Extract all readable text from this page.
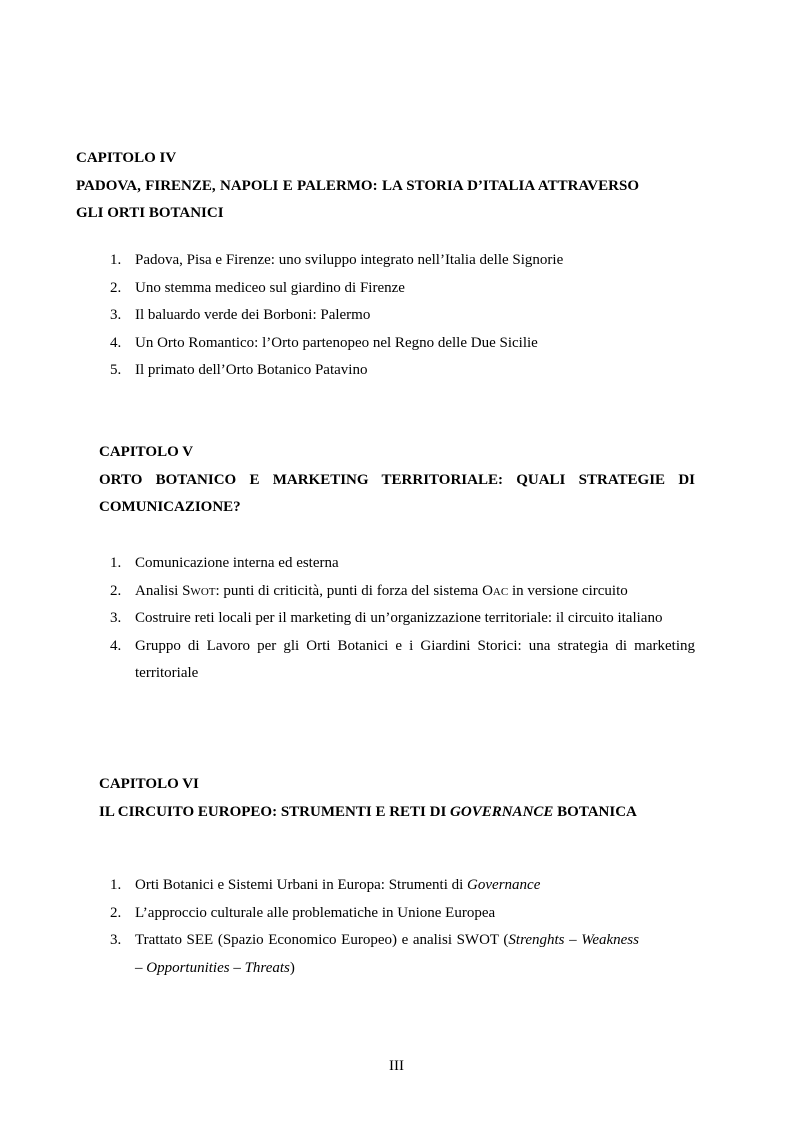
CAPITOLO IV

PADOVA, FIRENZE, NAPOLI E PALERMO: LA STORIA D’ITALIA ATTRAVERSO GLI ORTI BOTANICI

1. Padova, Pisa e Firenze: uno sviluppo integrato nell’Italia delle Signorie
2. Uno stemma mediceo sul giardino di Firenze
3. Il baluardo verde dei Borboni: Palermo
4. Un Orto Romantico: l’Orto partenopeo nel Regno delle Due Sicilie
5. Il primato dell’Orto Botanico Patavino

CAPITOLO V

ORTO BOTANICO E MARKETING TERRITORIALE: QUALI STRATEGIE DI COMUNICAZIONE?

1. Comunicazione interna ed esterna
2. Analisi Swot: punti di criticità, punti di forza del sistema Oac in versione circuito
3. Costruire reti locali per il marketing di un’organizzazione territoriale: il circuito italiano
4. Gruppo di Lavoro per gli Orti Botanici e i Giardini Storici: una strategia di marketing territoriale

CAPITOLO VI

IL CIRCUITO EUROPEO: STRUMENTI E RETI DI GOVERNANCE BOTANICA

1. Orti Botanici e Sistemi Urbani in Europa: Strumenti di Governance
2. L’approccio culturale alle problematiche in Unione Europea
3. Trattato SEE (Spazio Economico Europeo) e analisi SWOT (Strenghts – Weakness – Opportunities – Threats)
III
